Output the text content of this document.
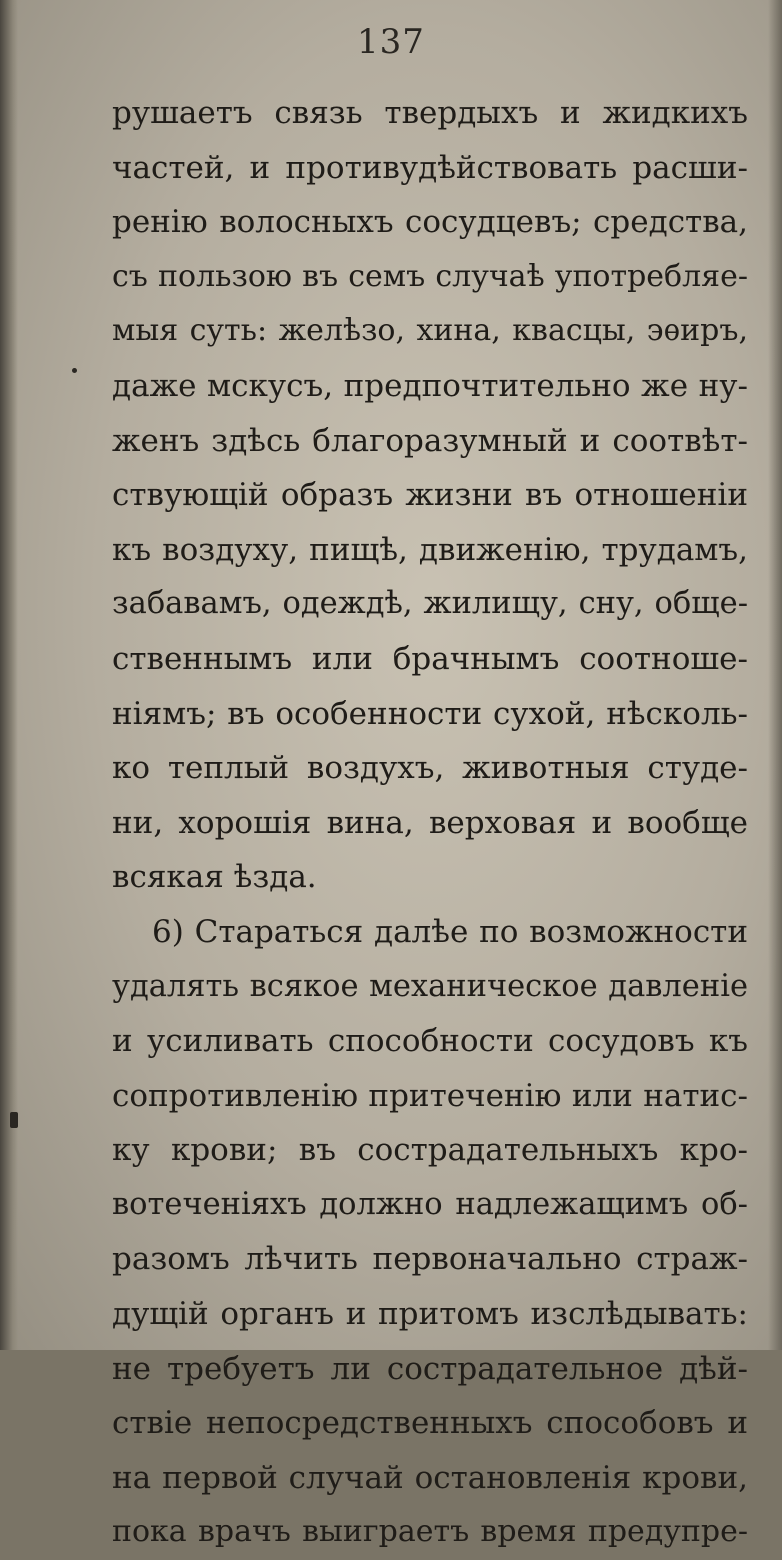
137
рушаетъ связь твердыхъ и жидкихъ
частей, и противудѣйствовать расши-
ренію волосныхъ сосудцевъ; средства,
съ пользою въ семъ случаѣ употребляе-
мыя суть: желѣзо, хина, квасцы, эѳиръ,
даже мскусъ, предпочтительно же ну-
женъ здѣсь благоразумный и соотвѣт-
ствующій образъ жизни въ отношеніи
къ воздуху, пищѣ, движенію, трудамъ,
забавамъ, одеждѣ, жилищу, сну, обще-
ственнымъ или брачнымъ соотноше-
ніямъ; въ особенности сухой, нѣсколь-
ко теплый воздухъ, животныя студе-
ни, хорошія вина, верховая и вообще
всякая ѣзда.
6) Стараться далѣе по возможности
удалять всякое механическое давленіе
и усиливать способности сосудовъ къ
сопротивленію притеченію или натис-
ку крови; въ сострадательныхъ кро-
вотеченіяхъ должно надлежащимъ об-
разомъ лѣчить первоначально страж-
дущій органъ и притомъ изслѣдывать:
не требуетъ ли сострадательное дѣй-
ствіе непосредственныхъ способовъ и
на первой случай остановленія крови,
пока врачъ выиграетъ время предупре-
